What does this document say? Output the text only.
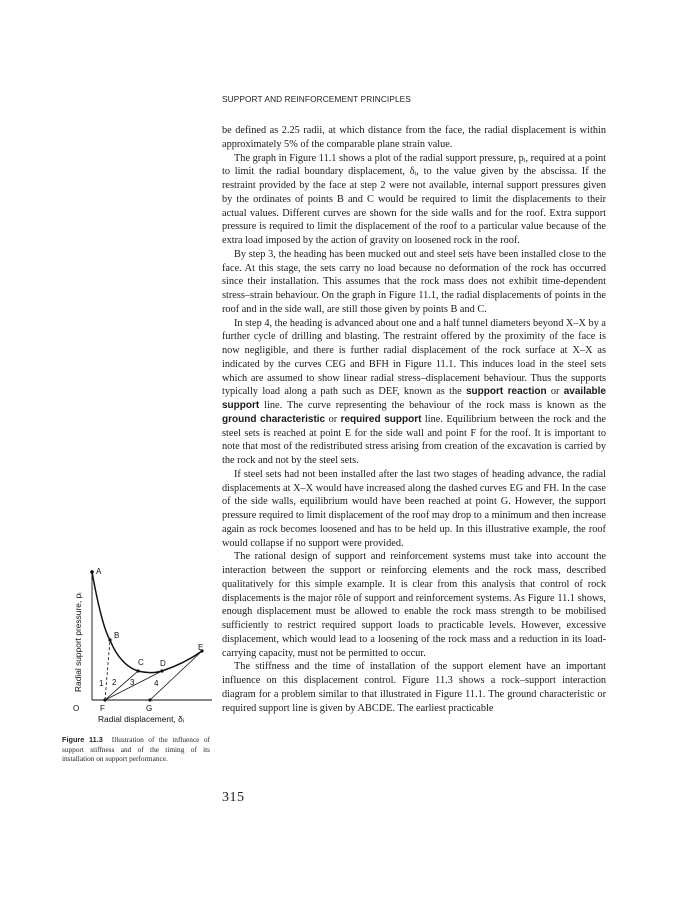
SUPPORT AND REINFORCEMENT PRINCIPLES

be defined as 2.25 radii, at which distance from the face, the radial displacement is within approximately 5% of the comparable plane strain value.

The graph in Figure 11.1 shows a plot of the radial support pressure, pᵢ, required at a point to limit the radial boundary displacement, δᵢ, to the value given by the abscissa. If the restraint provided by the face at step 2 were not available, internal support pressures given by the ordinates of points B and C would be required to limit the displacements to their actual values. Different curves are shown for the side walls and for the roof. Extra support pressure is required to limit the displacement of the roof to a particular value because of the extra load imposed by the action of gravity on loosened rock in the roof.

By step 3, the heading has been mucked out and steel sets have been installed close to the face. At this stage, the sets carry no load because no deformation of the rock has occurred since their installation. This assumes that the rock mass does not exhibit time-dependent stress–strain behaviour. On the graph in Figure 11.1, the radial displacements of points in the roof and in the side wall, are still those given by points B and C.

In step 4, the heading is advanced about one and a half tunnel diameters beyond X–X by a further cycle of drilling and blasting. The restraint offered by the proximity of the face is now negligible, and there is further radial displacement of the rock surface at X–X as indicated by the curves CEG and BFH in Figure 11.1. This induces load in the steel sets which are assumed to show linear radial stress–displacement behaviour. Thus the supports typically load along a path such as DEF, known as the support reaction or available support line. The curve representing the behaviour of the rock mass is known as the ground characteristic or required support line. Equilibrium between the rock and the steel sets is reached at point E for the side wall and point F for the roof. It is important to note that most of the redistributed stress arising from creation of the excavation is carried by the rock and not by the steel sets.

If steel sets had not been installed after the last two stages of heading advance, the radial displacements at X–X would have increased along the dashed curves EG and FH. In the case of the side walls, equilibrium would have been reached at point G. However, the support pressure required to limit displacement of the roof may drop to a minimum and then increase again as rock becomes loosened and has to be held up. In this illustrative example, the roof would collapse if no support were provided.

The rational design of support and reinforcement systems must take into account the interaction between the support or reinforcing elements and the rock mass, described qualitatively for this simple example. It is clear from this analysis that control of rock displacements is the major rôle of support and reinforcement systems. As Figure 11.1 shows, enough displacement must be allowed to enable the rock mass strength to be mobilised sufficiently to restrict required support loads to practicable levels. However, excessive displacement, which would lead to a loosening of the rock mass and a reduction in its load-carrying capacity, must not be permitted to occur.

The stiffness and the time of installation of the support element have an important influence on this displacement control. Figure 11.3 shows a rock–support interaction diagram for a problem similar to that illustrated in Figure 11.1. The ground characteristic or required support line is given by ABCDE. The earliest practicable

A
B
C D
E
O	F	G
1 2 3 4
Radial support pressure, pᵢ
Radial displacement, δᵢ
Figure 11.3 Illustration of the influence of support stiffness and of the timing of its installation on support performance.
315
